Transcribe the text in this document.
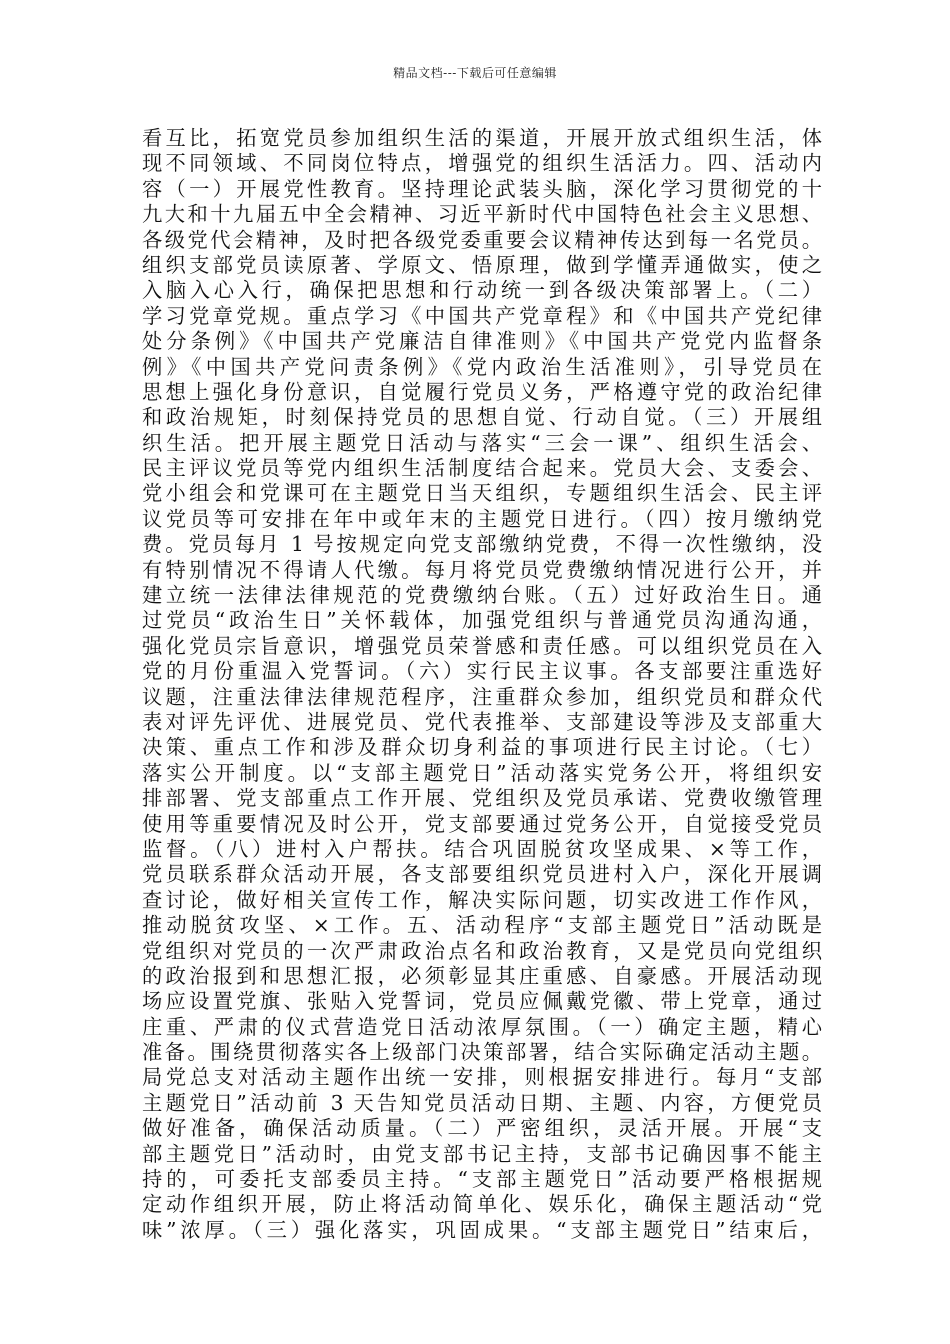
精品文档---下载后可任意编辑
看互比，拓宽党员参加组织生活的渠道，开展开放式组织生活，体
现不同领域、不同岗位特点，增强党的组织生活活力。四、活动内
容（一）开展党性教育。坚持理论武装头脑，深化学习贯彻党的十
九大和十九届五中全会精神、习近平新时代中国特色社会主义思想、
各级党代会精神，及时把各级党委重要会议精神传达到每一名党员。
组织支部党员读原著、学原文、悟原理，做到学懂弄通做实，使之
入脑入心入行，确保把思想和行动统一到各级决策部署上。（二）
学习党章党规。重点学习《中国共产党章程》和《中国共产党纪律
处分条例》《中国共产党廉洁自律准则》《中国共产党党内监督条
例》《中国共产党问责条例》《党内政治生活准则》，引导党员在
思想上强化身份意识，自觉履行党员义务，严格遵守党的政治纪律
和政治规矩，时刻保持党员的思想自觉、行动自觉。（三）开展组
织生活。把开展主题党日活动与落实“三会一课”、组织生活会、
民主评议党员等党内组织生活制度结合起来。党员大会、支委会、
党小组会和党课可在主题党日当天组织，专题组织生活会、民主评
议党员等可安排在年中或年末的主题党日进行。（四）按月缴纳党
费。党员每月 1 号按规定向党支部缴纳党费，不得一次性缴纳，没
有特别情况不得请人代缴。每月将党员党费缴纳情况进行公开，并
建立统一法律法律规范的党费缴纳台账。（五）过好政治生日。通
过党员“政治生日”关怀载体，加强党组织与普通党员沟通沟通，
强化党员宗旨意识，增强党员荣誉感和责任感。可以组织党员在入
党的月份重温入党誓词。（六）实行民主议事。各支部要注重选好
议题，注重法律法律规范程序，注重群众参加，组织党员和群众代
表对评先评优、进展党员、党代表推举、支部建设等涉及支部重大
决策、重点工作和涉及群众切身利益的事项进行民主讨论。（七）
落实公开制度。以“支部主题党日”活动落实党务公开，将组织安
排部署、党支部重点工作开展、党组织及党员承诺、党费收缴管理
使用等重要情况及时公开，党支部要通过党务公开，自觉接受党员
监督。（八）进村入户帮扶。结合巩固脱贫攻坚成果、×等工作，
党员联系群众活动开展，各支部要组织党员进村入户，深化开展调
查讨论，做好相关宣传工作，解决实际问题，切实改进工作作风，
推动脱贫攻坚、×工作。五、活动程序“支部主题党日”活动既是
党组织对党员的一次严肃政治点名和政治教育，又是党员向党组织
的政治报到和思想汇报，必须彰显其庄重感、自豪感。开展活动现
场应设置党旗、张贴入党誓词，党员应佩戴党徽、带上党章，通过
庄重、严肃的仪式营造党日活动浓厚氛围。（一）确定主题，精心
准备。围绕贯彻落实各上级部门决策部署，结合实际确定活动主题。
局党总支对活动主题作出统一安排，则根据安排进行。每月“支部
主题党日”活动前 3 天告知党员活动日期、主题、内容，方便党员
做好准备，确保活动质量。（二）严密组织，灵活开展。开展“支
部主题党日”活动时，由党支部书记主持，支部书记确因事不能主
持的，可委托支部委员主持。“支部主题党日”活动要严格根据规
定动作组织开展，防止将活动简单化、娱乐化，确保主题活动“党
味”浓厚。（三）强化落实，巩固成果。“支部主题党日”结束后，
